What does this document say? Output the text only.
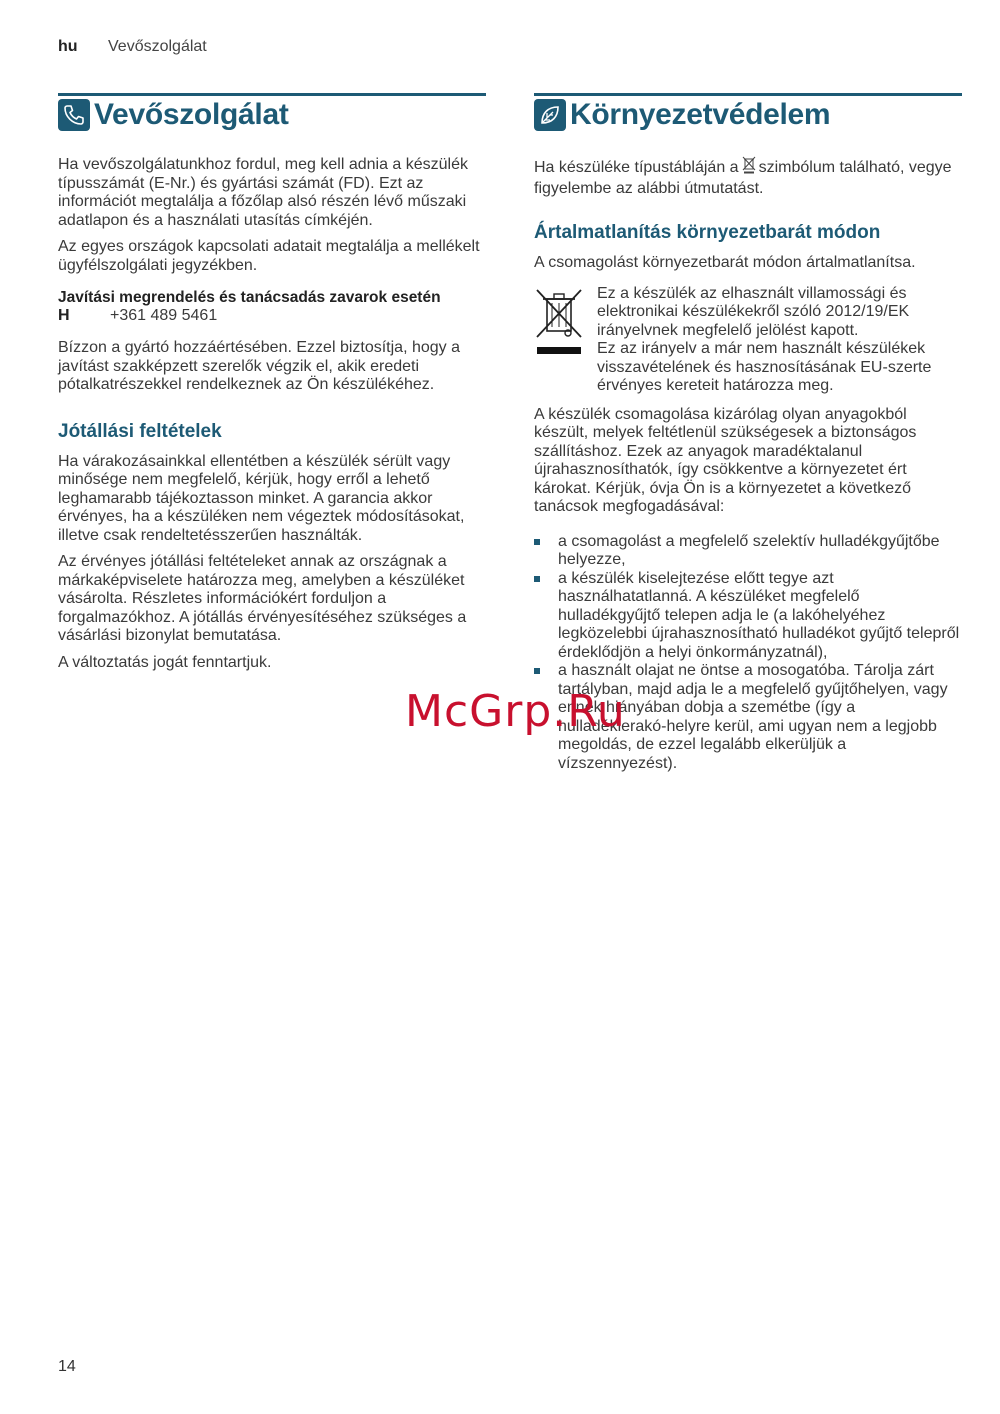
hu Vevőszolgálat
Vevőszolgálat

Ha vevőszolgálatunkhoz fordul, meg kell adnia a készülék típusszámát (E-Nr.) és gyártási számát (FD). Ezt az információt megtalálja a főzőlap alsó részén lévő műszaki adatlapon és a használati utasítás címkéjén.

Az egyes országok kapcsolati adatait megtalálja a mellékelt ügyfélszolgálati jegyzékben.

Javítási megrendelés és tanácsadás zavarok esetén
H	+361 489 5461

Bízzon a gyártó hozzáértésében. Ezzel biztosítja, hogy a javítást szakképzett szerelők végzik el, akik eredeti pótalkatrészekkel rendelkeznek az Ön készülékéhez.

Jótállási feltételek

Ha várakozásainkkal ellentétben a készülék sérült vagy minősége nem megfelelő, kérjük, hogy erről a lehető leghamarabb tájékoztasson minket. A garancia akkor érvényes, ha a készüléken nem végeztek módosításokat, illetve csak rendeltetésszerűen használták.

Az érvényes jótállási feltételeket annak az országnak a márkaképviselete határozza meg, amelyben a készüléket vásárolta. Részletes információkért forduljon a forgalmazókhoz. A jótállás érvényesítéséhez szükséges a vásárlási bizonylat bemutatása.

A változtatás jogát fenntartjuk.

Környezetvédelem

Ha készüléke típustábláján a szimbólum található, vegye figyelembe az alábbi útmutatást.

Ártalmatlanítás környezetbarát módon

A csomagolást környezetbarát módon ártalmatlanítsa.

Ez a készülék az elhasznált villamossági és elektronikai készülékekről szóló 2012/19/EK irányelvnek megfelelő jelölést kapott.

Ez az irányelv a már nem használt készülékek visszavételének és hasznosításának EU-szerte érvényes kereteit határozza meg.

A készülék csomagolása kizárólag olyan anyagokból készült, melyek feltétlenül szükségesek a biztonságos szállításhoz. Ezek az anyagok maradéktalanul újrahasznosíthatók, így csökkentve a környezetet ért károkat. Kérjük, óvja Ön is a környezetet a következő tanácsok megfogadásával:

a csomagolást a megfelelő szelektív hulladékgyűjtőbe helyezze,
a készülék kiselejtezése előtt tegye azt használhatatlanná. A készüléket megfelelő hulladékgyűjtő telepen adja le (a lakóhelyéhez legközelebbi újrahasznosítható hulladékot gyűjtő telepről érdeklődjön a helyi önkormányzatnál),
a használt olajat ne öntse a mosogatóba. Tárolja zárt tartályban, majd adja le a megfelelő gyűjtőhelyen, vagy ennek hiányában dobja a szemétbe (így a hulladéklerakó-helyre kerül, ami ugyan nem a legjobb megoldás, de ezzel legalább elkerüljük a vízszennyezést).
McGrp.Ru
14
